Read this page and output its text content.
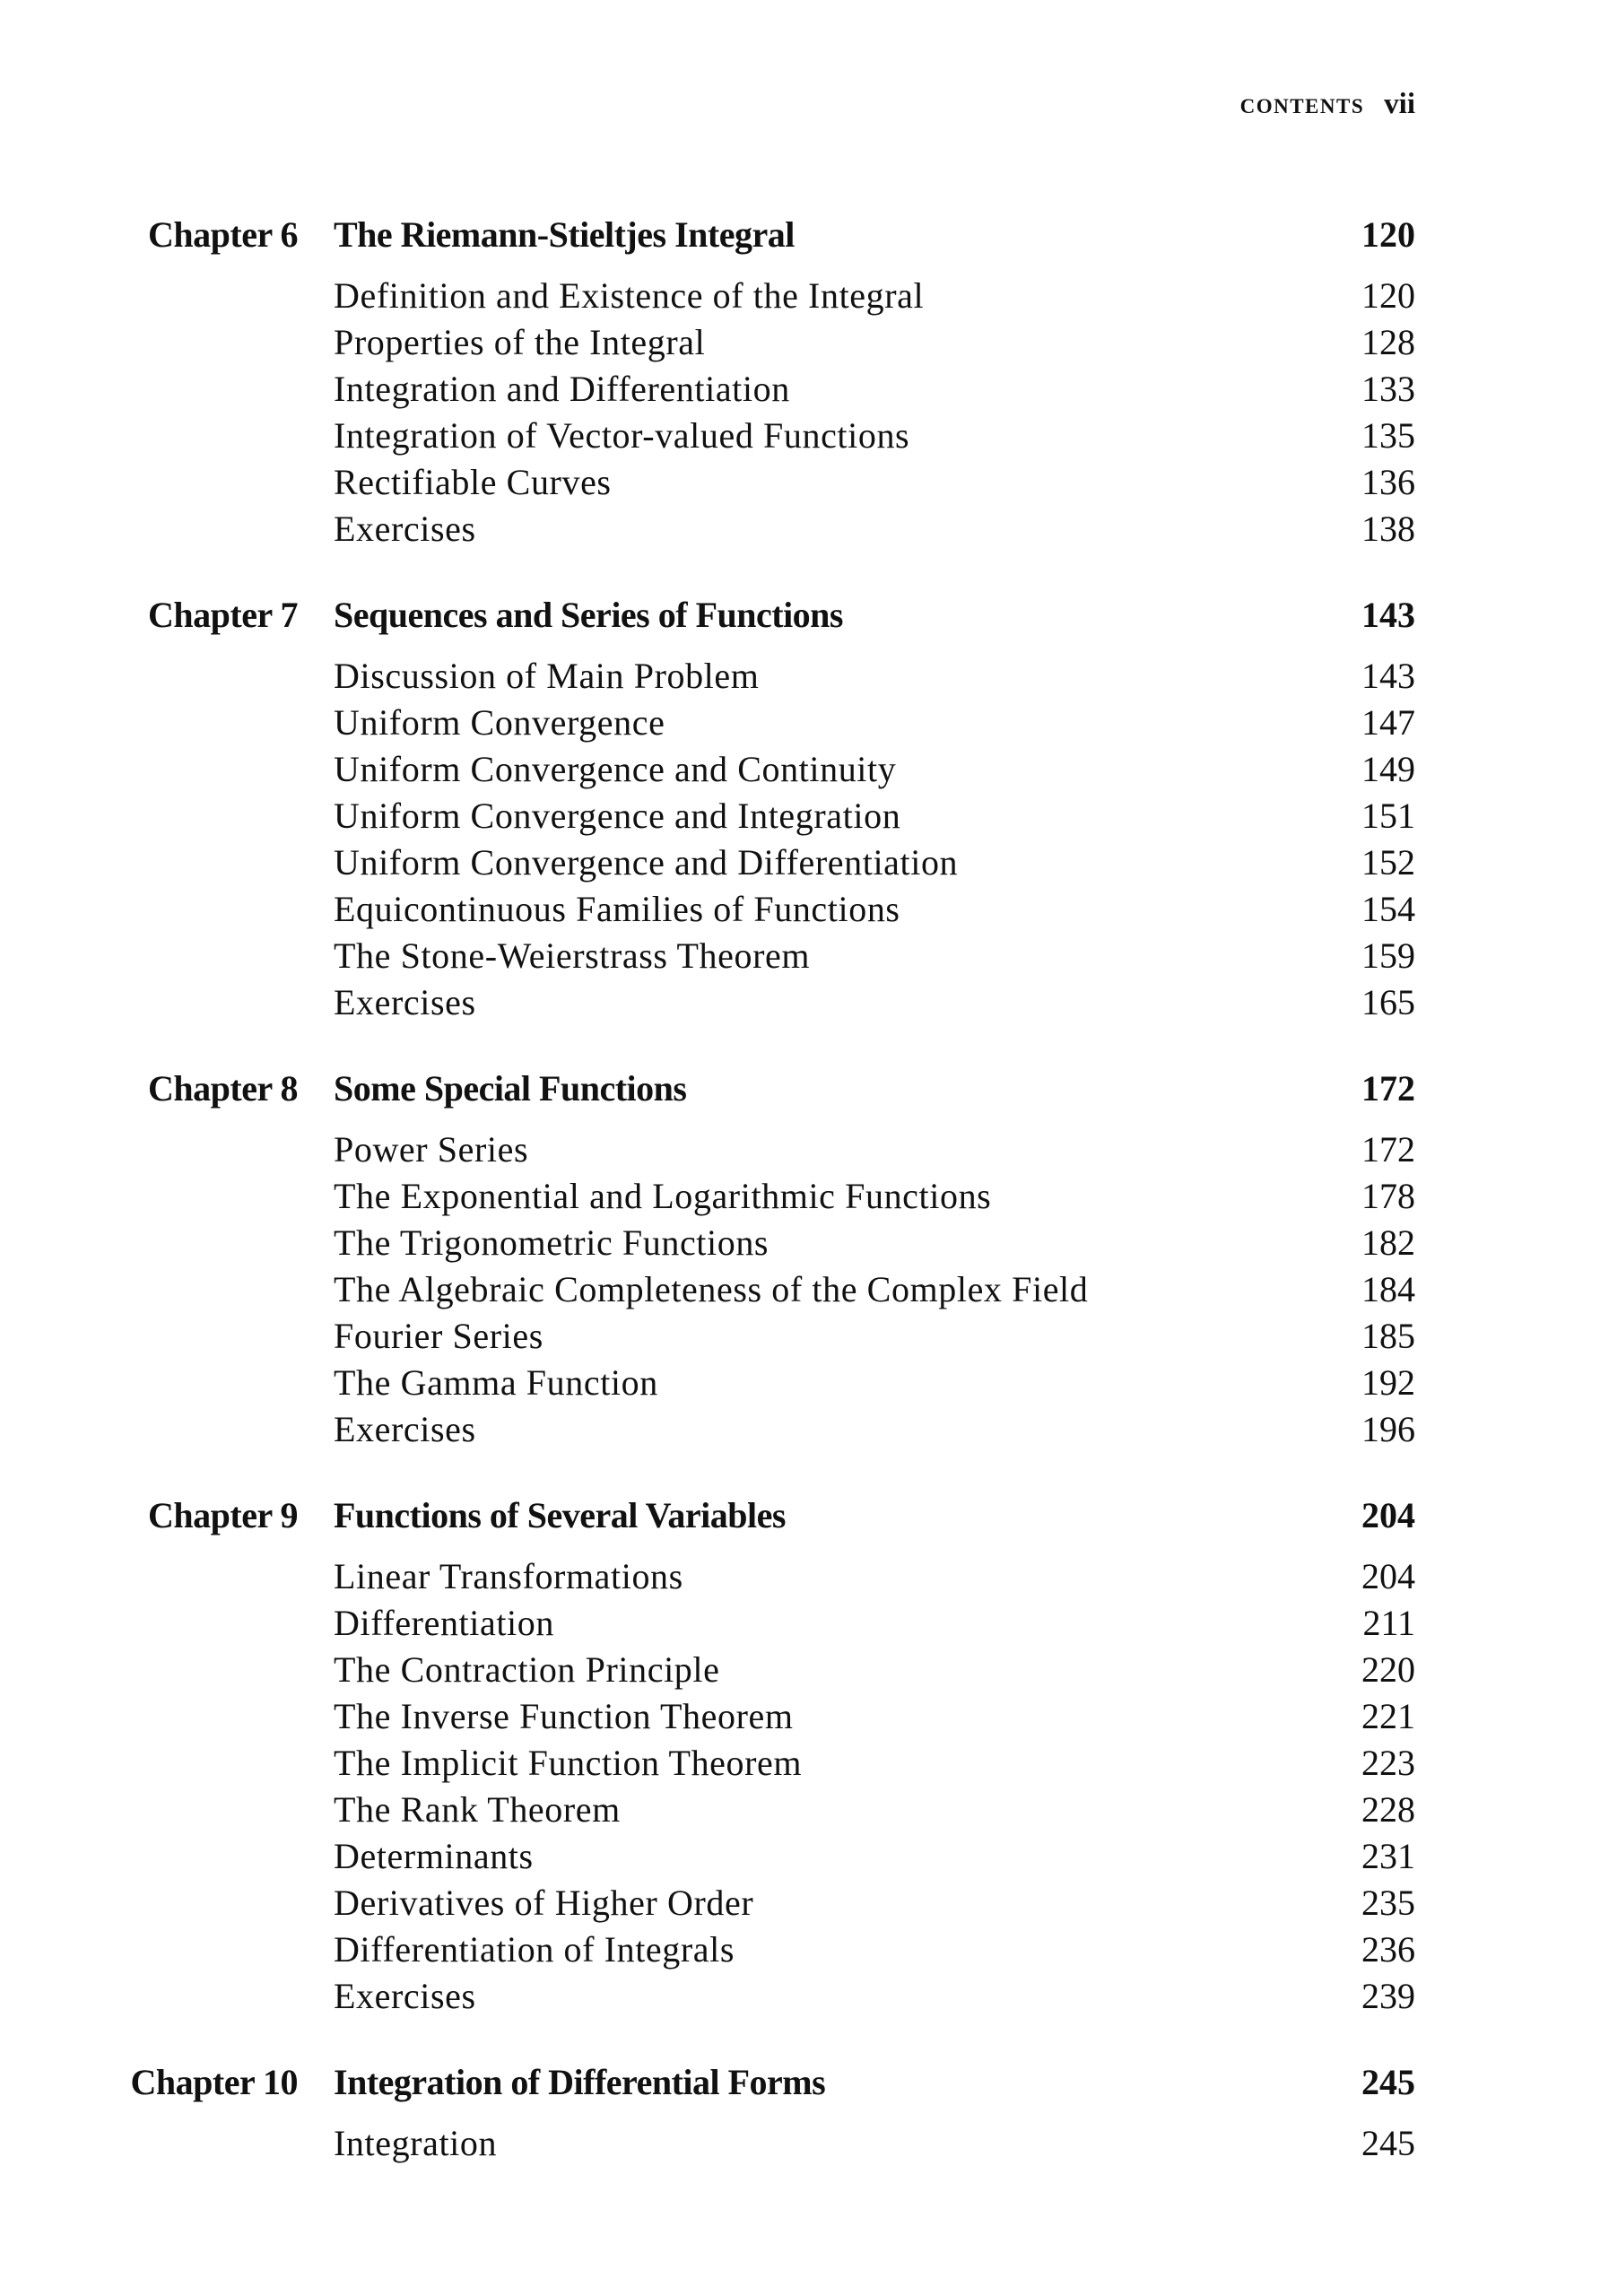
CONTENTS vii
Chapter 6 The Riemann-Stieltjes Integral	120
Definition and Existence of the Integral	120
Properties of the Integral	128
Integration and Differentiation	133
Integration of Vector-valued Functions	135
Rectifiable Curves	136
Exercises	138
Chapter 7 Sequences and Series of Functions	143
Discussion of Main Problem	143
Uniform Convergence	147
Uniform Convergence and Continuity	149
Uniform Convergence and Integration	151
Uniform Convergence and Differentiation	152
Equicontinuous Families of Functions	154
The Stone-Weierstrass Theorem	159
Exercises	165
Chapter 8 Some Special Functions	172
Power Series	172
The Exponential and Logarithmic Functions	178
The Trigonometric Functions	182
The Algebraic Completeness of the Complex Field	184
Fourier Series	185
The Gamma Function	192
Exercises	196
Chapter 9 Functions of Several Variables	204
Linear Transformations	204
Differentiation	211
The Contraction Principle	220
The Inverse Function Theorem	221
The Implicit Function Theorem	223
The Rank Theorem	228
Determinants	231
Derivatives of Higher Order	235
Differentiation of Integrals	236
Exercises	239
Chapter 10 Integration of Differential Forms	245
Integration	245
